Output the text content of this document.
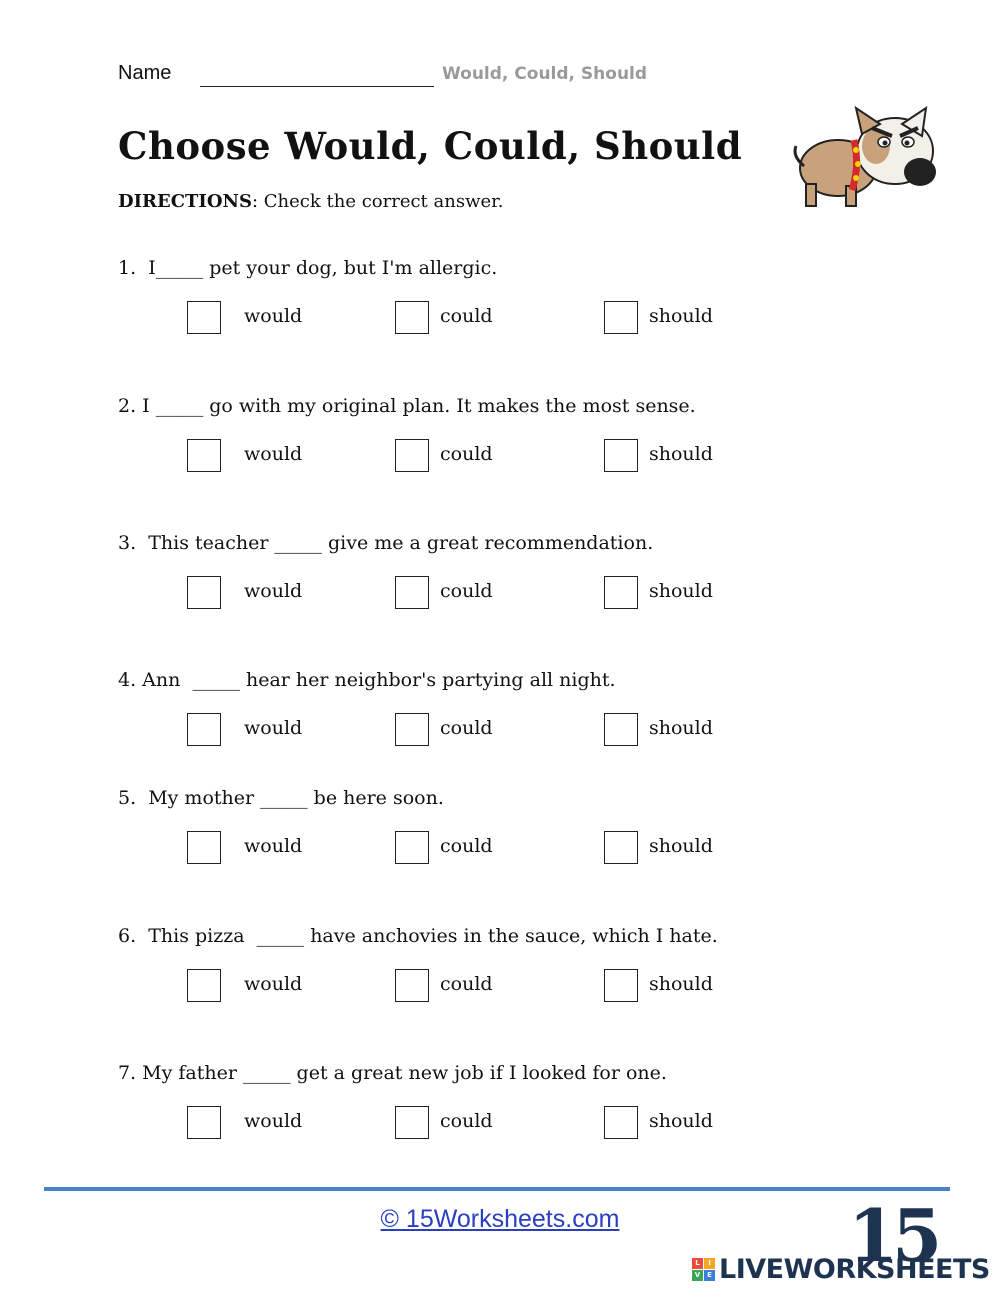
Name	Would, Could, Should
Choose Would, Could, Should
DIRECTIONS: Check the correct answer.
1.  I_____ pet your dog, but I'm allergic.
would	could	should
2. I _____ go with my original plan. It makes the most sense.
would	could	should
3.  This teacher _____ give me a great recommendation.
would	could	should
4. Ann  _____ hear her neighbor's partying all night.
would	could	should
5.  My mother _____ be here soon.
would	could	should
6.  This pizza  _____ have anchovies in the sauce, which I hate.
would	could	should
7. My father _____ get a great new job if I looked for one.
would	could	should
© 15Worksheets.com	15
L	I
V E LIVEWORKSHEETS
